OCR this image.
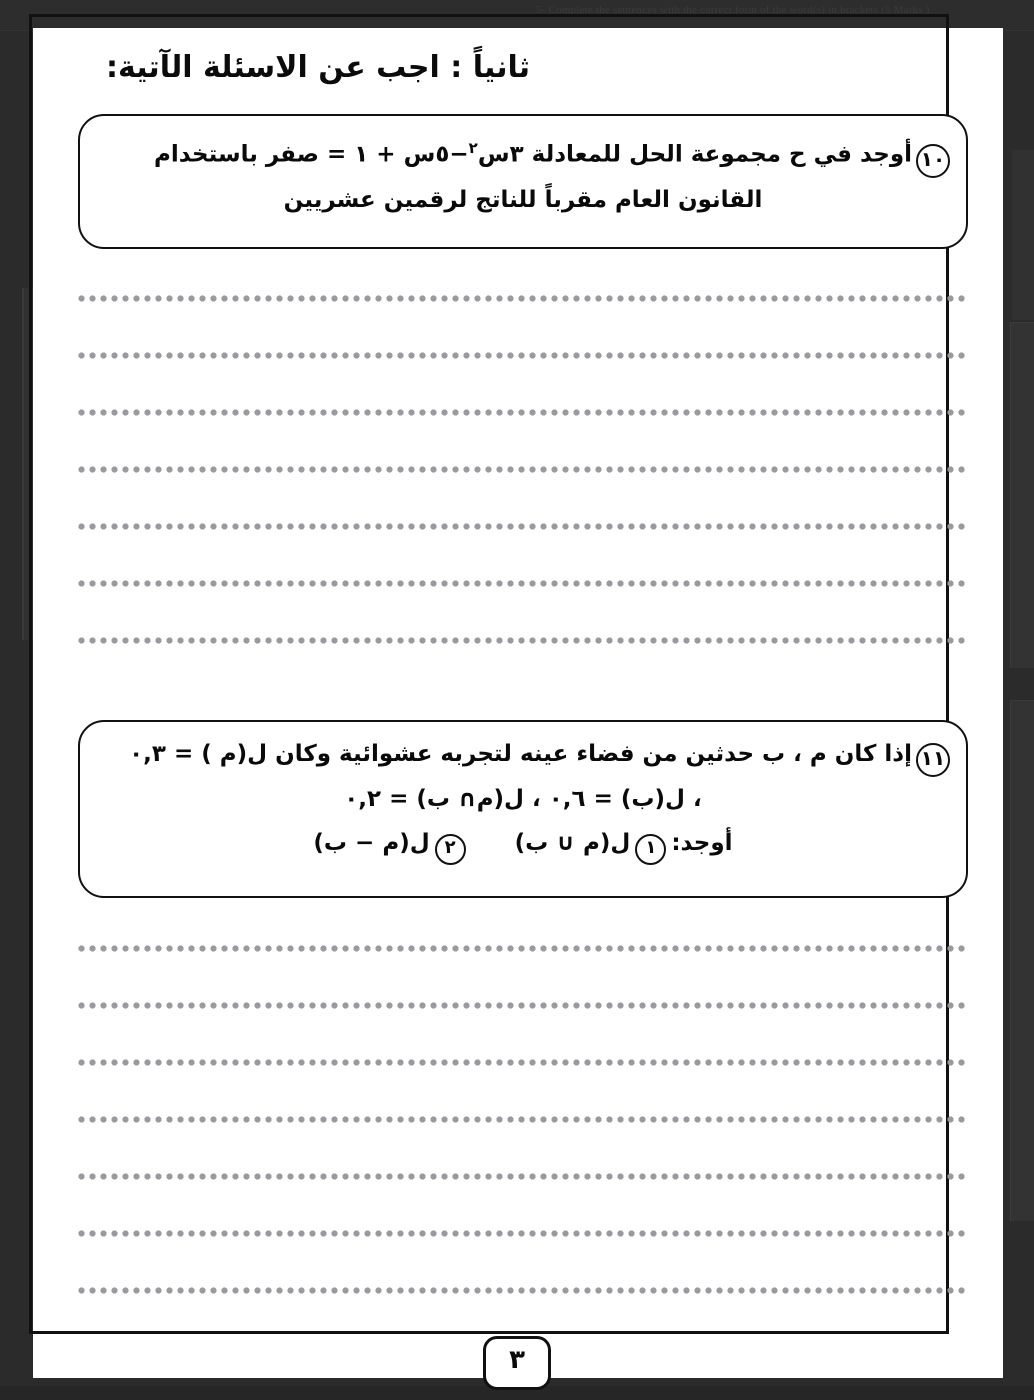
5- Complete the sentences with the correct form of the word(s) in brackets (5 Marks )
ثانياً : اجب عن الاسئلة الآتية:
١٠أوجد في ح مجموعة الحل للمعادلة ٣س$^٢$−٥س + ١ = صفر باستخدام
القانون العام مقرباً للناتج لرقمين عشريين
١١إذا كان م ، ب حدثين من فضاء عينه لتجربه عشوائية وكان ل(م ) = ٠,٣
، ل(ب) = ٠,٦ ، ل(م∩ ب) = ٠,٢
أوجد:١ل(م ∪ ب)٢ل(م − ب)
٣
